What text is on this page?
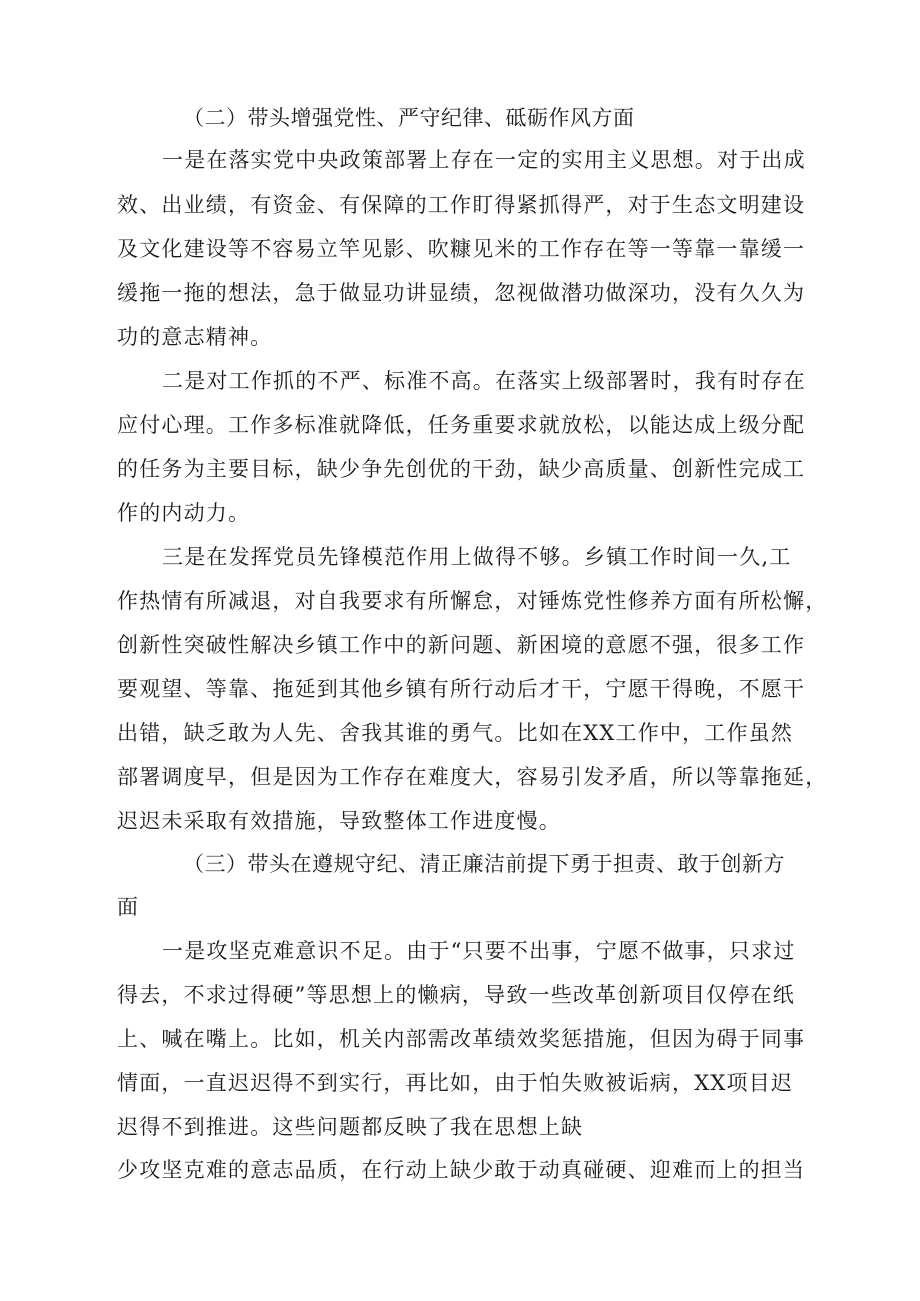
（二）带头增强党性、严守纪律、砥砺作风方面
一是在落实党中央政策部署上存在一定的实用主义思想。对于出成
效、出业绩，有资金、有保障的工作盯得紧抓得严，对于生态文明建设
及文化建设等不容易立竿见影、吹糠见米的工作存在等一等靠一靠缓一
缓拖一拖的想法，急于做显功讲显绩，忽视做潜功做深功，没有久久为
功的意志精神。
二是对工作抓的不严、标准不高。在落实上级部署时，我有时存在
应付心理。工作多标准就降低，任务重要求就放松，以能达成上级分配
的任务为主要目标，缺少争先创优的干劲，缺少高质量、创新性完成工
作的内动力。
三是在发挥党员先锋模范作用上做得不够。乡镇工作时间一久,工
作热情有所减退，对自我要求有所懈怠，对锤炼党性修养方面有所松懈，
创新性突破性解决乡镇工作中的新问题、新困境的意愿不强，很多工作
要观望、等靠、拖延到其他乡镇有所行动后才干，宁愿干得晚，不愿干
出错，缺乏敢为人先、舍我其谁的勇气。比如在XX工作中，工作虽然
部署调度早，但是因为工作存在难度大，容易引发矛盾，所以等靠拖延，
迟迟未采取有效措施，导致整体工作进度慢。
（三）带头在遵规守纪、清正廉洁前提下勇于担责、敢于创新方
面
一是攻坚克难意识不足。由于“只要不出事，宁愿不做事，只求过
得去，不求过得硬”等思想上的懒病，导致一些改革创新项目仅停在纸
上、喊在嘴上。比如，机关内部需改革绩效奖惩措施，但因为碍于同事
情面，一直迟迟得不到实行，再比如，由于怕失败被诟病，XX项目迟
迟得不到推进。这些问题都反映了我在思想上缺
少攻坚克难的意志品质，在行动上缺少敢于动真碰硬、迎难而上的担当
